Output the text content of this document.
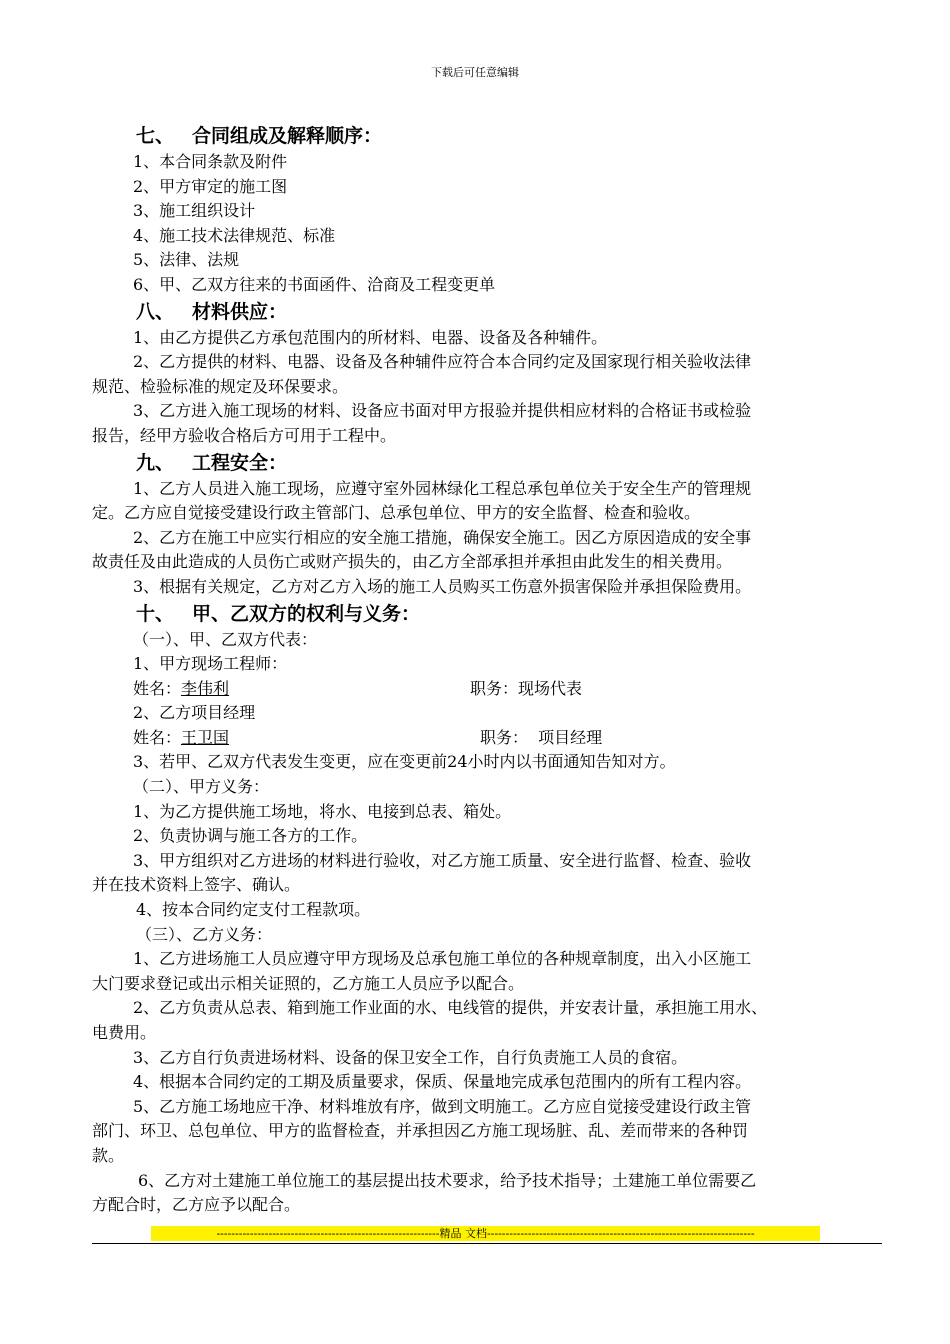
下载后可任意编辑

七、 合同组成及解释顺序：

1、本合同条款及附件

2、甲方审定的施工图

3、施工组织设计

4、施工技术法律规范、标准

5、法律、法规

6、甲、乙双方往来的书面函件、洽商及工程变更单

八、 材料供应：

1、由乙方提供乙方承包范围内的所材料、电器、设备及各种辅件。

2、乙方提供的材料、电器、设备及各种辅件应符合本合同约定及国家现行相关验收法律

规范、检验标准的规定及环保要求。

3、乙方进入施工现场的材料、设备应书面对甲方报验并提供相应材料的合格证书或检验

报告，经甲方验收合格后方可用于工程中。

九、 工程安全：

1、乙方人员进入施工现场，应遵守室外园林绿化工程总承包单位关于安全生产的管理规

定。乙方应自觉接受建设行政主管部门、总承包单位、甲方的安全监督、检查和验收。

2、乙方在施工中应实行相应的安全施工措施，确保安全施工。因乙方原因造成的安全事

故责任及由此造成的人员伤亡或财产损失的，由乙方全部承担并承担由此发生的相关费用。

3、根据有关规定，乙方对乙方入场的施工人员购买工伤意外损害保险并承担保险费用。

十、 甲、乙双方的权利与义务：

（一）、甲、乙双方代表：

1、甲方现场工程师：

姓名：李伟利	职务：现场代表

2、乙方项目经理

姓名：王卫国	职务：  项目经理

3、若甲、乙双方代表发生变更，应在变更前24小时内以书面通知告知对方。

（二）、甲方义务：

1、为乙方提供施工场地，将水、电接到总表、箱处。

2、负责协调与施工各方的工作。

3、甲方组织对乙方进场的材料进行验收，对乙方施工质量、安全进行监督、检查、验收

并在技术资料上签字、确认。

4、按本合同约定支付工程款项。

（三）、乙方义务：

1、乙方进场施工人员应遵守甲方现场及总承包施工单位的各种规章制度，出入小区施工

大门要求登记或出示相关证照的，乙方施工人员应予以配合。

2、乙方负责从总表、箱到施工作业面的水、电线管的提供，并安表计量，承担施工用水、

电费用。

3、乙方自行负责进场材料、设备的保卫安全工作，自行负责施工人员的食宿。

4、根据本合同约定的工期及质量要求，保质、保量地完成承包范围内的所有工程内容。

5、乙方施工场地应干净、材料堆放有序，做到文明施工。乙方应自觉接受建设行政主管

部门、环卫、总包单位、甲方的监督检查，并承担因乙方施工现场脏、乱、差而带来的各种罚

款。

6、乙方对土建施工单位施工的基层提出技术要求，给予技术指导；土建施工单位需要乙

方配合时，乙方应予以配合。

------------------------------------------------------------精品 文档------------------------------------------------------------------------
